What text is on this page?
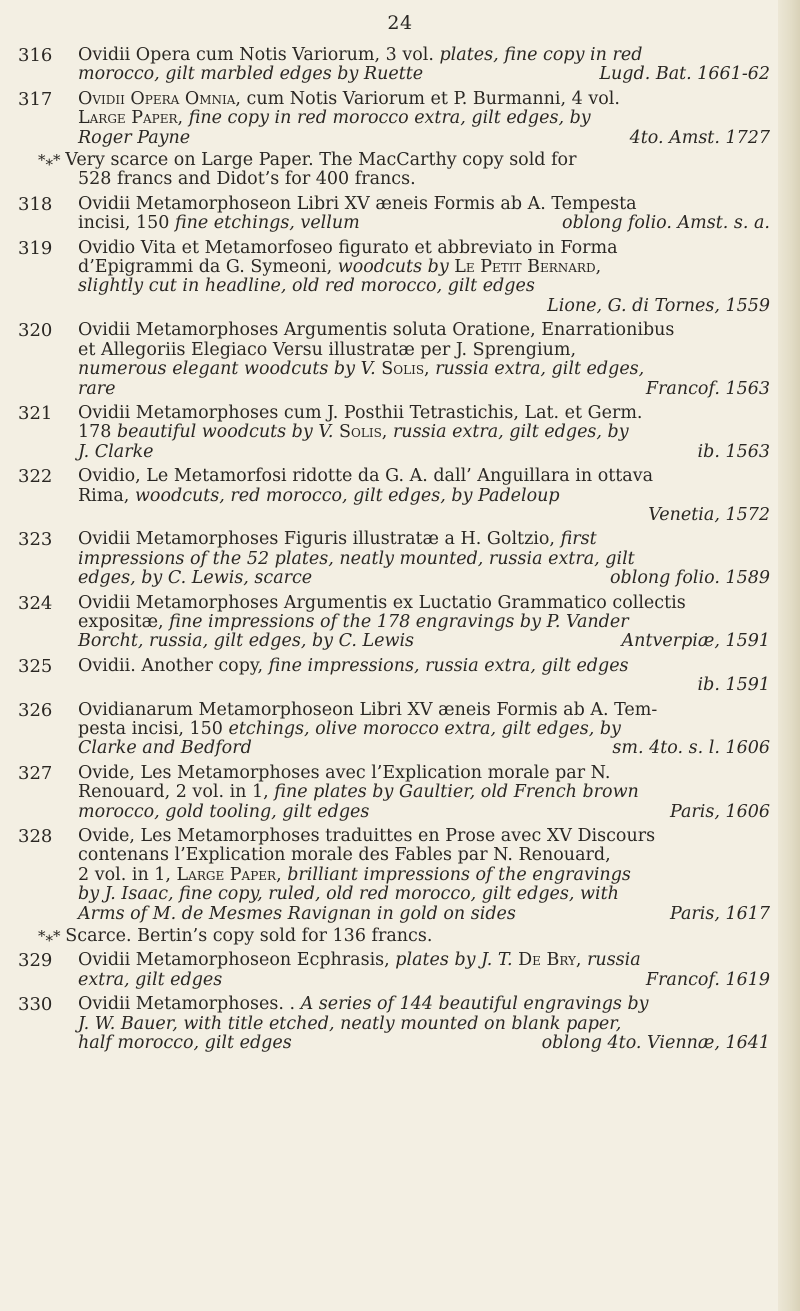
24
316	Ovidii Opera cum Notis Variorum, 3 vol. plates, fine copy in red
morocco, gilt marbled edges by Ruette	Lugd. Bat. 1661-62
317	Ovidii Opera Omnia, cum Notis Variorum et P. Burmanni, 4 vol.
Large Paper, fine copy in red morocco extra, gilt edges, by
Roger Payne	4to. Amst. 1727
*⁎* Very scarce on Large Paper. The MacCarthy copy sold for
528 francs and Didot’s for 400 francs.
318	Ovidii Metamorphoseon Libri XV æneis Formis ab A. Tempesta
incisi, 150 fine etchings, vellum	oblong folio. Amst. s. a.
319	Ovidio Vita et Metamorfoseo figurato et abbreviato in Forma
d’Epigrammi da G. Symeoni, woodcuts by Le Petit Bernard,
slightly cut in headline, old red morocco, gilt edges
Lione, G. di Tornes, 1559
320	Ovidii Metamorphoses Argumentis soluta Oratione, Enarrationibus
et Allegoriis Elegiaco Versu illustratæ per J. Sprengium,
numerous elegant woodcuts by V. Solis, russia extra, gilt edges,
rare	Francof. 1563
321	Ovidii Metamorphoses cum J. Posthii Tetrastichis, Lat. et Germ.
178 beautiful woodcuts by V. Solis, russia extra, gilt edges, by
J. Clarke	ib. 1563
322	Ovidio, Le Metamorfosi ridotte da G. A. dall’ Anguillara in ottava
Rima, woodcuts, red morocco, gilt edges, by Padeloup
Venetia, 1572
323	Ovidii Metamorphoses Figuris illustratæ a H. Goltzio, first
impressions of the 52 plates, neatly mounted, russia extra, gilt
edges, by C. Lewis, scarce	oblong folio. 1589
324	Ovidii Metamorphoses Argumentis ex Luctatio Grammatico collectis
expositæ, fine impressions of the 178 engravings by P. Vander
Borcht, russia, gilt edges, by C. Lewis	Antverpiæ, 1591
325	Ovidii. Another copy, fine impressions, russia extra, gilt edges
ib. 1591
326	Ovidianarum Metamorphoseon Libri XV æneis Formis ab A. Tem-
pesta incisi, 150 etchings, olive morocco extra, gilt edges, by
Clarke and Bedford	sm. 4to. s. l. 1606
327	Ovide, Les Metamorphoses avec l’Explication morale par N.
Renouard, 2 vol. in 1, fine plates by Gaultier, old French brown
morocco, gold tooling, gilt edges	Paris, 1606
328	Ovide, Les Metamorphoses traduittes en Prose avec XV Discours
contenans l’Explication morale des Fables par N. Renouard,
2 vol. in 1, Large Paper, brilliant impressions of the engravings
by J. Isaac, fine copy, ruled, old red morocco, gilt edges, with
Arms of M. de Mesmes Ravignan in gold on sides	Paris, 1617
*⁎* Scarce. Bertin’s copy sold for 136 francs.
329	Ovidii Metamorphoseon Ecphrasis, plates by J. T. De Bry, russia
extra, gilt edges	Francof. 1619
330	Ovidii Metamorphoses. . A series of 144 beautiful engravings by
J. W. Bauer, with title etched, neatly mounted on blank paper,
half morocco, gilt edges	oblong 4to. Viennæ, 1641
